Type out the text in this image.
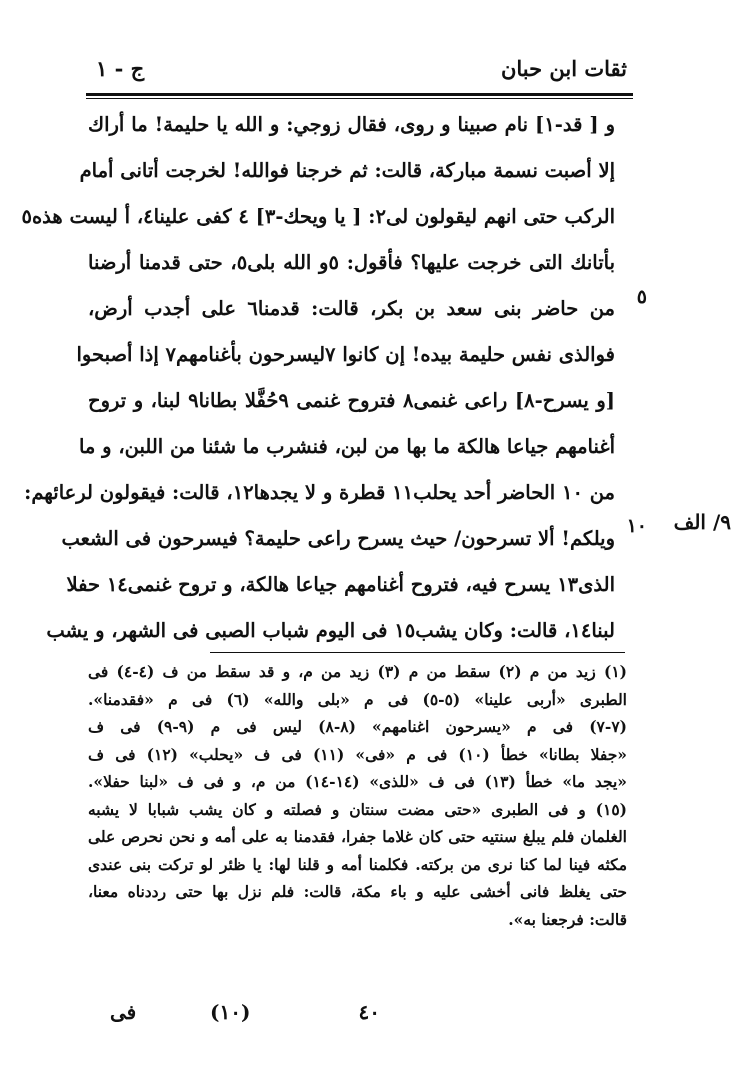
ثقات ابن حبان
ج - ١
و [ قد-١] نام صبينا و روى، فقال زوجي: و الله يا حليمة! ما أراك
إلا أصبت نسمة مباركة، قالت: ثم خرجنا فوالله! لخرجت أتانى أمام
الركب حتى انهم ليقولون لى٢: [ يا ويحك-٣] ٤ كفى علينا٤، أ ليست هذه٥
بأتانك التى خرجت عليها؟ فأقول: ٥و الله بلى٥، حتى قدمنا أرضنا
من حاضر بنى سعد بن بكر، قالت: قدمنا٦ على أجدب أرض،
فوالذى نفس حليمة بيده! إن كانوا ٧ليسرحون بأغنامهم٧ إذا أصبحوا
[و يسرح-٨] راعى غنمى٨ فتروح غنمى ٩حُفَّلا بطانا٩ لبنا، و تروح
أغنامهم جياعا هالكة ما بها من لبن، فنشرب ما شئنا من اللبن، و ما
من ١٠ الحاضر أحد يحلب١١ قطرة و لا يجدها١٢، قالت: فيقولون لرعائهم:
ويلكم! ألا تسرحون/ حيث يسرح راعى حليمة؟ فيسرحون فى الشعب
الذى١٣ يسرح فيه، فتروح أغنامهم جياعا هالكة، و تروح غنمى١٤ حفلا
لبنا١٤، قالت: وكان يشب١٥ فى اليوم شباب الصبى فى الشهر، و يشب
٥
١٠ ٩/ الف
(١) زيد من م (٢) سقط من م (٣) زيد من م، و قد سقط من ف (٤-٤) فى
الطبرى «أربى علينا» (٥-٥) فى م «بلى والله» (٦) فى م «فقدمنا».
(٧-٧) فى م «يسرحون اغنامهم» (٨-٨) ليس فى م (٩-٩) فى ف
«جفلا بطانا» خطأ (١٠) فى م «فى» (١١) فى ف «يحلب» (١٢) فى ف
«يجد ما» خطأ (١٣) فى ف «للذى» (١٤-١٤) من م، و فى ف «لبنا حفلا».
(١٥) و فى الطبرى «حتى مضت سنتان و فصلته و كان يشب شبابا لا يشبه
الغلمان فلم يبلغ سنتيه حتى كان غلاما جفرا، فقدمنا به على أمه و نحن نحرص على
مكثه فينا لما كنا نرى من بركته. فكلمنا أمه و قلنا لها: يا ظئر لو تركت بنى عندى
حتى يغلظ فانى أخشى عليه و باء مكة، قالت: فلم نزل بها حتى رددناه معنا،
قالت: فرجعنا به».
٤٠
(١٠)
فى
